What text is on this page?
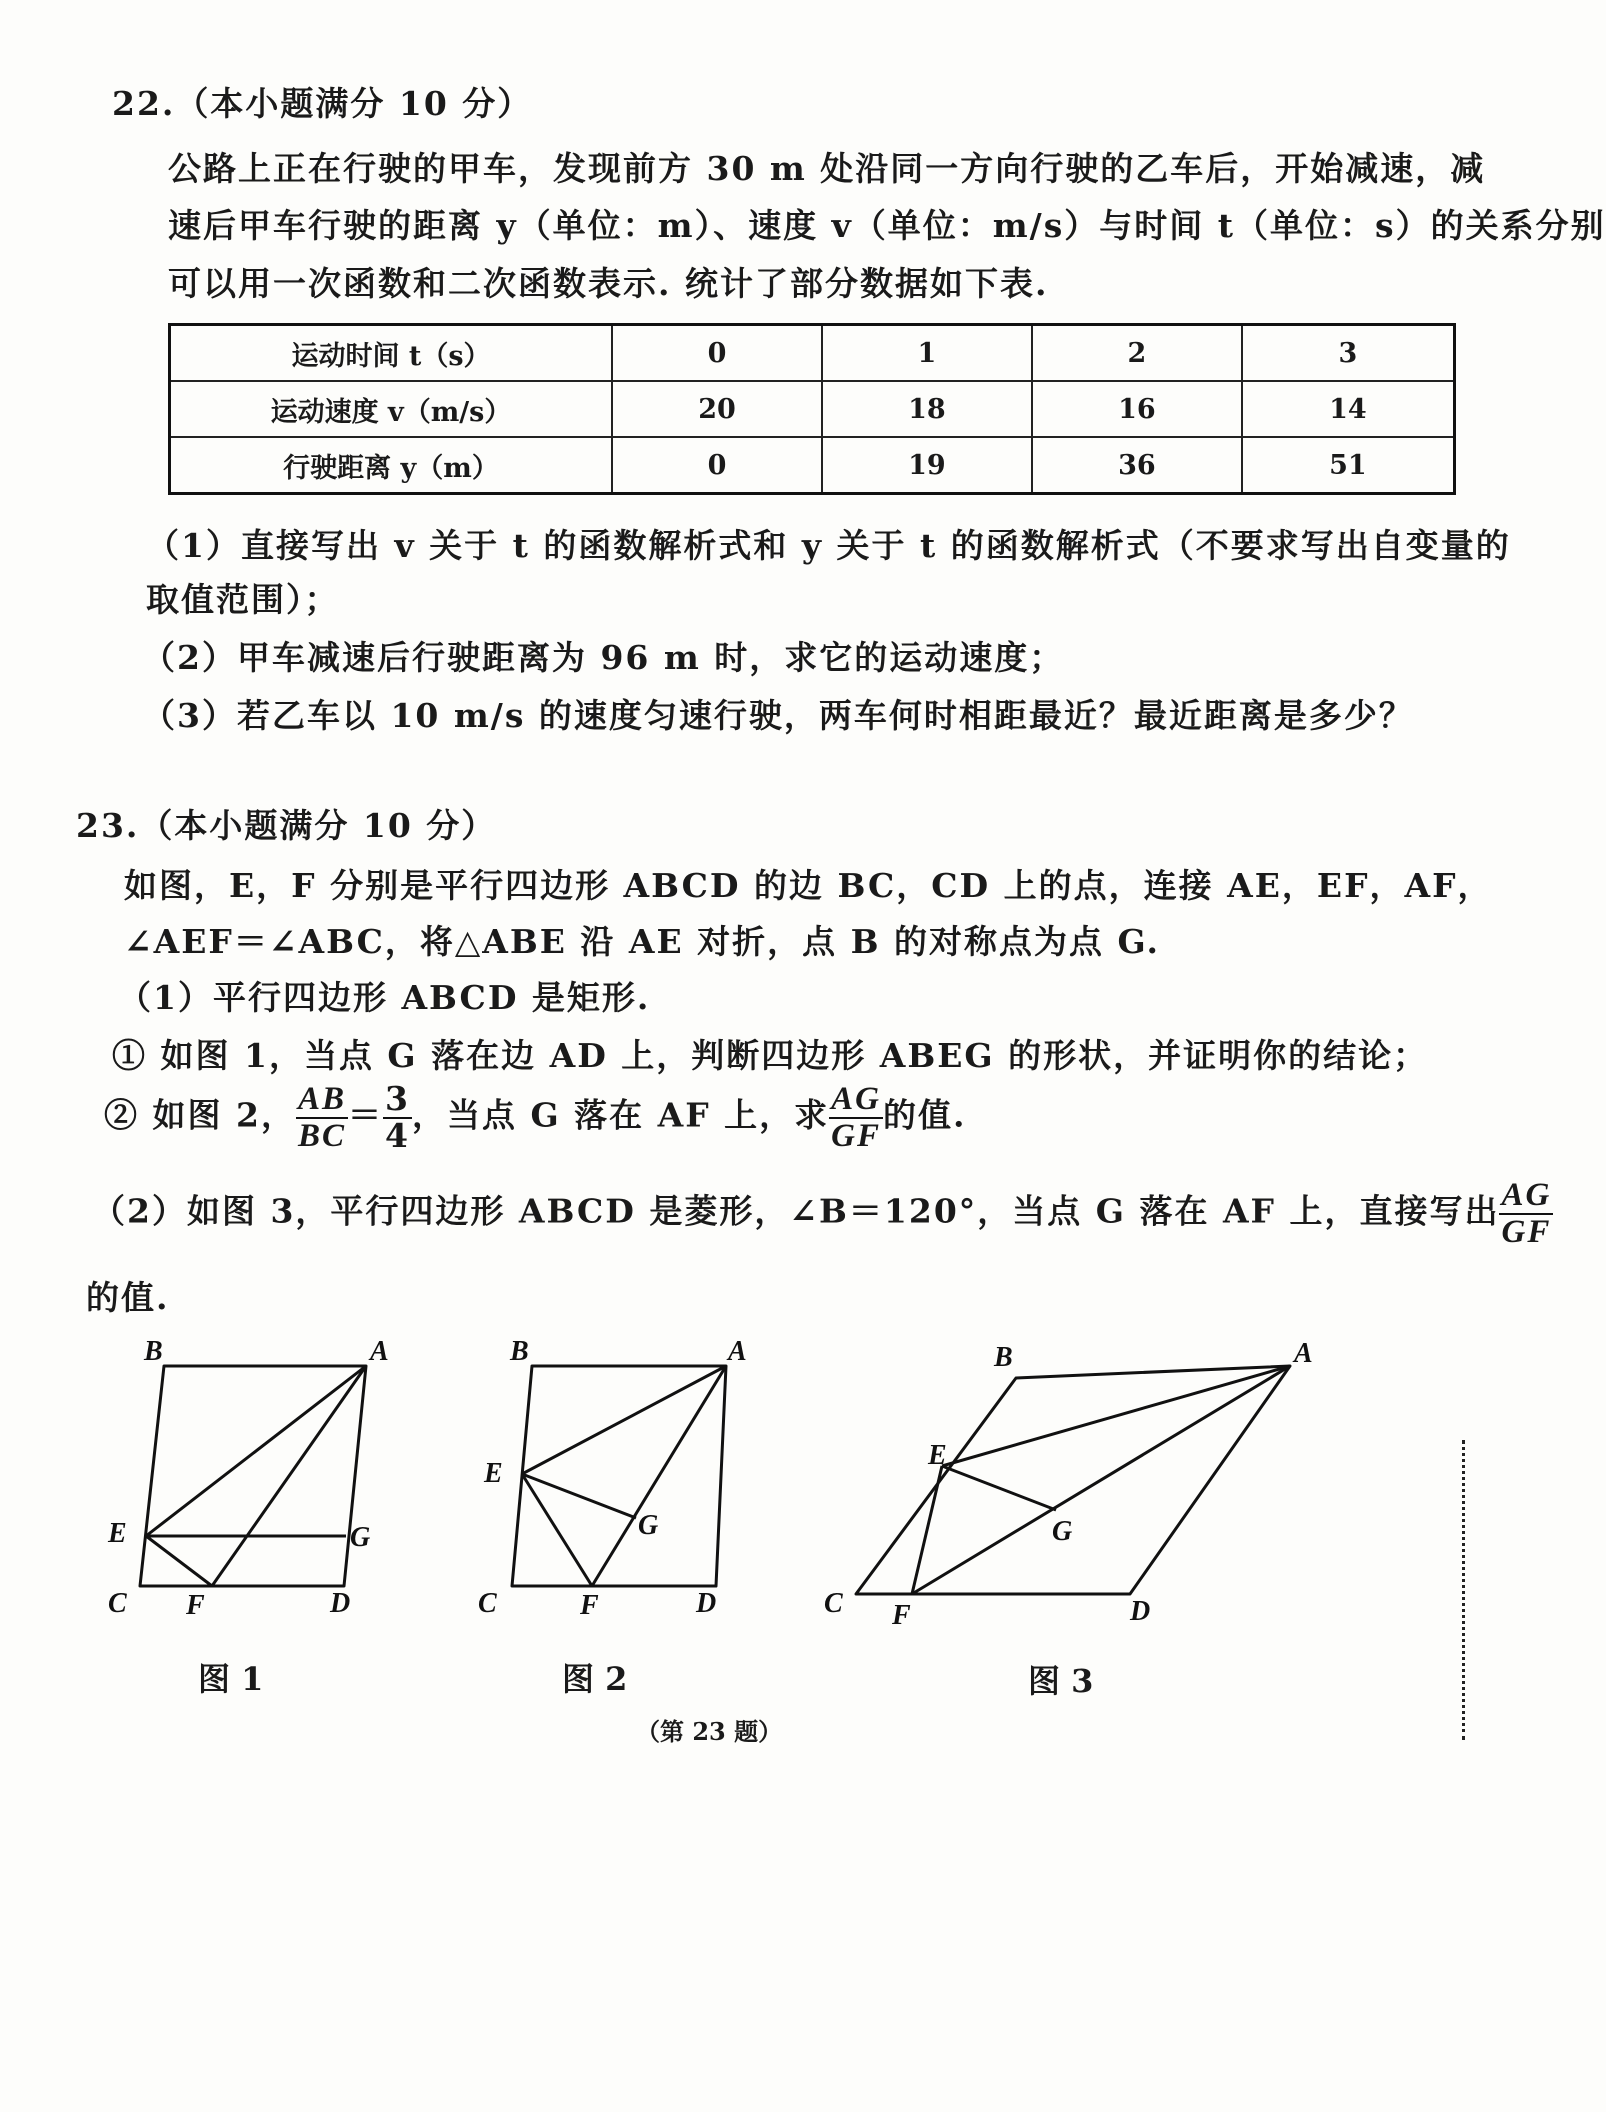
22.（本小题满分 10 分）
公路上正在行驶的甲车，发现前方 30 m 处沿同一方向行驶的乙车后，开始减速，减
速后甲车行驶的距离 y（单位：m）、速度 v（单位：m/s）与时间 t（单位：s）的关系分别
可以用一次函数和二次函数表示. 统计了部分数据如下表.
运动时间 t（s）	0	1	2	3
运动速度 v（m/s）	20	18	16	14
行驶距离 y（m）	0	19	36	51
（1）直接写出 v 关于 t 的函数解析式和 y 关于 t 的函数解析式（不要求写出自变量的
取值范围）；
（2）甲车减速后行驶距离为 96 m 时，求它的运动速度；
（3）若乙车以 10 m/s 的速度匀速行驶，两车何时相距最近？最近距离是多少？
23.（本小题满分 10 分）
如图，E，F 分别是平行四边形 ABCD 的边 BC，CD 上的点，连接 AE，EF，AF，
∠AEF＝∠ABC，将△ABE 沿 AE 对折，点 B 的对称点为点 G.
（1）平行四边形 ABCD 是矩形.
① 如图 1，当点 G 落在边 AD 上，判断四边形 ABEG 的形状，并证明你的结论；
② 如图 2， $\frac{AB}{BC} = \frac{3}{4}$ ，当点 G 落在 AF 上，求 $\frac{AG}{GF}$ 的值.
（2）如图 3，平行四边形 ABCD 是菱形，∠B＝120°，当点 G 落在 AF 上，直接写出 $\frac{AG}{GF}$
的值.
B	A
E	G
C F	D
B	A
E
G
C	F	D
B	A
E
G
C F	D
图 1	图 2	图 3
（第 23 题）
